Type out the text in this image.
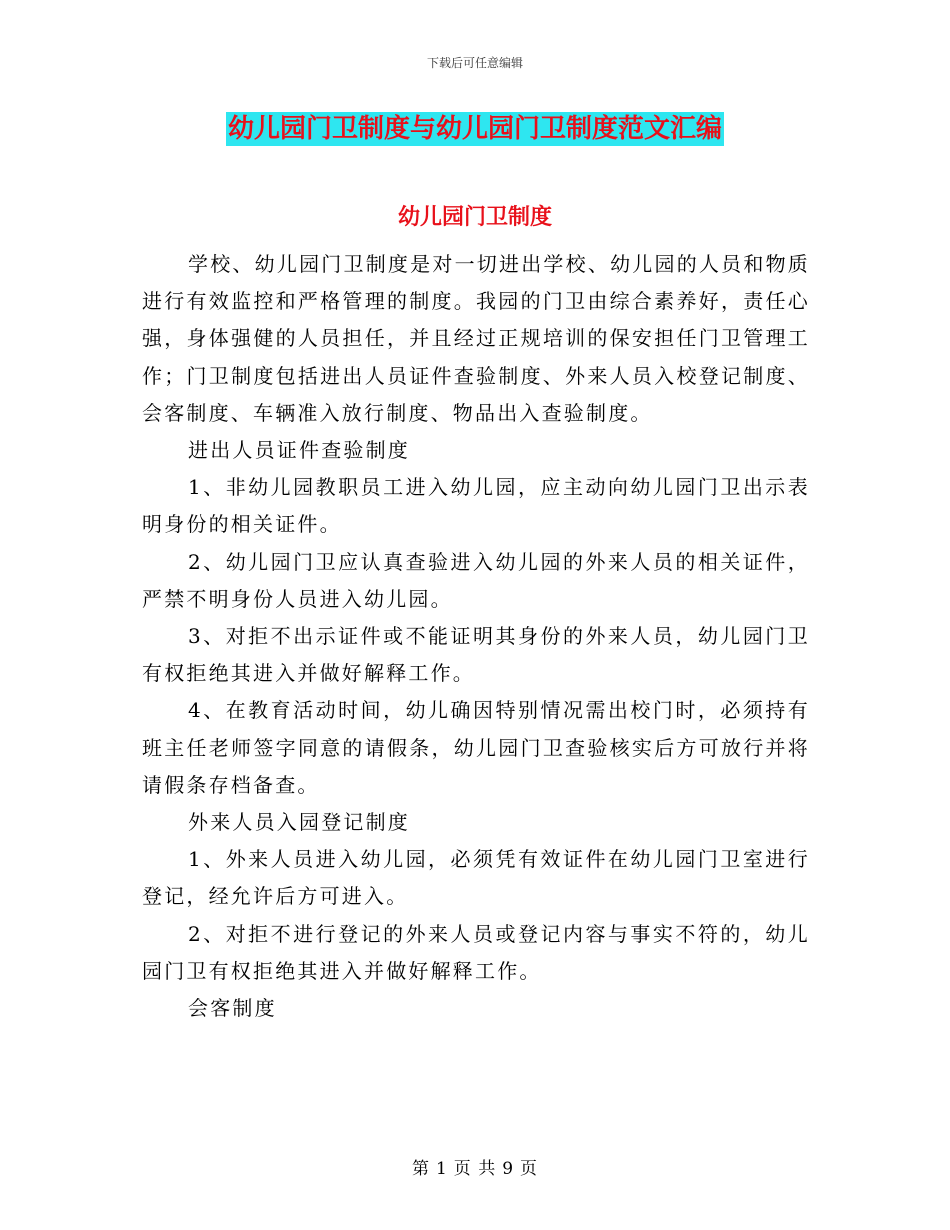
下载后可任意编辑
幼儿园门卫制度与幼儿园门卫制度范文汇编
幼儿园门卫制度

学校、幼儿园门卫制度是对一切进出学校、幼儿园的人员和物质进行有效监控和严格管理的制度。我园的门卫由综合素养好，责任心强，身体强健的人员担任，并且经过正规培训的保安担任门卫管理工作；门卫制度包括进出人员证件查验制度、外来人员入校登记制度、会客制度、车辆准入放行制度、物品出入查验制度。

进出人员证件查验制度

1、非幼儿园教职员工进入幼儿园，应主动向幼儿园门卫出示表明身份的相关证件。

2、幼儿园门卫应认真查验进入幼儿园的外来人员的相关证件，严禁不明身份人员进入幼儿园。

3、对拒不出示证件或不能证明其身份的外来人员，幼儿园门卫有权拒绝其进入并做好解释工作。

4、在教育活动时间，幼儿确因特别情况需出校门时，必须持有班主任老师签字同意的请假条，幼儿园门卫查验核实后方可放行并将请假条存档备查。

外来人员入园登记制度

1、外来人员进入幼儿园，必须凭有效证件在幼儿园门卫室进行登记，经允许后方可进入。

2、对拒不进行登记的外来人员或登记内容与事实不符的，幼儿园门卫有权拒绝其进入并做好解释工作。

会客制度

第 1 页 共 9 页
